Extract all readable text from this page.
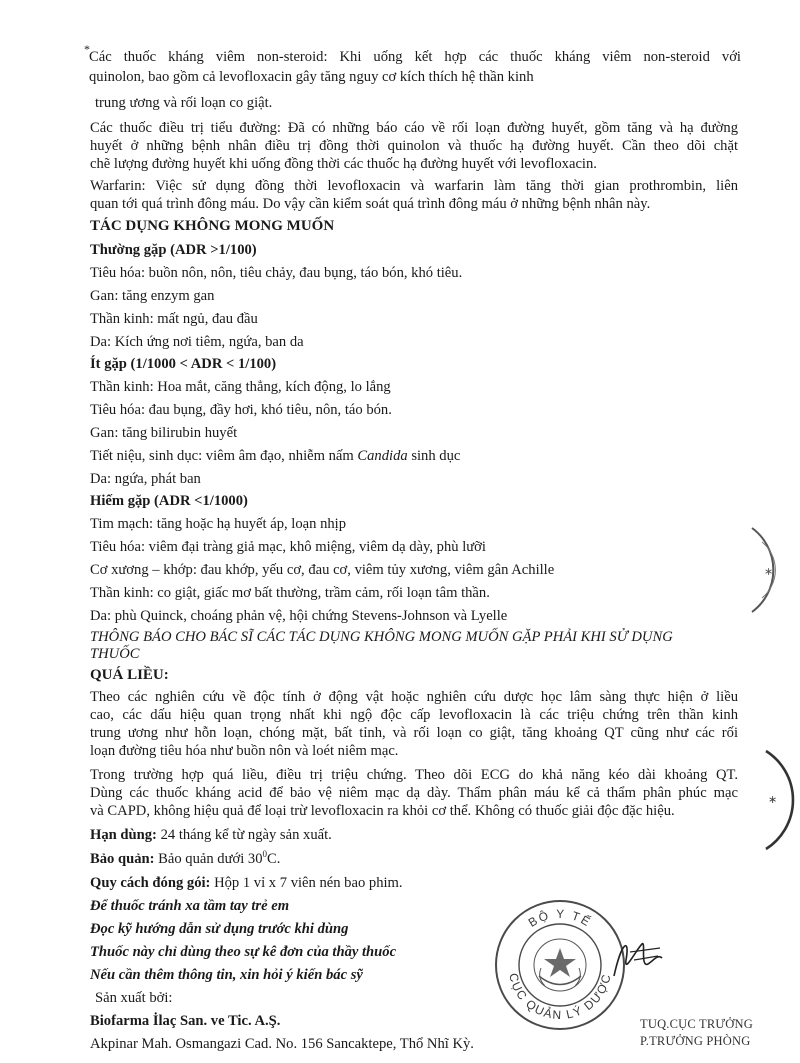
* Các thuốc kháng viêm non-steroid: Khi uống kết hợp các thuốc kháng viêm non-steroid với
quinolon, bao gồm cả levofloxacin gây tăng nguy cơ kích thích hệ thần kinh
trung ương và rối loạn co giật.
Các thuốc điều trị tiểu đường: Đã có những báo cáo về rối loạn đường huyết, gồm tăng và hạ đường
huyết ở những bệnh nhân điều trị đồng thời quinolon và thuốc hạ đường huyết. Cần theo dõi chặt
chẽ lượng đường huyết khi uống đồng thời các thuốc hạ đường huyết với levofloxacin.
Warfarin: Việc sử dụng đồng thời levofloxacin và warfarin làm tăng thời gian prothrombin, liên
quan tới quá trình đông máu. Do vậy cần kiểm soát quá trình đông máu ở những bệnh nhân này.
TÁC DỤNG KHÔNG MONG MUỐN
Thường gặp (ADR >1/100)
Tiêu hóa: buồn nôn, nôn, tiêu chảy, đau bụng, táo bón, khó tiêu.
Gan: tăng enzym gan
Thần kinh: mất ngủ, đau đầu
Da: Kích ứng nơi tiêm, ngứa, ban da
Ít gặp (1/1000 < ADR < 1/100)
Thần kinh: Hoa mắt, căng thẳng, kích động, lo lắng
Tiêu hóa: đau bụng, đầy hơi, khó tiêu, nôn, táo bón.
Gan: tăng bilirubin huyết
Tiết niệu, sinh dục: viêm âm đạo, nhiễm nấm Candida sinh dục
Da: ngứa, phát ban
Hiếm gặp (ADR <1/1000)
Tim mạch: tăng hoặc hạ huyết áp, loạn nhịp
Tiêu hóa: viêm đại tràng giả mạc, khô miệng, viêm dạ dày, phù lưỡi
Cơ xương – khớp: đau khớp, yếu cơ, đau cơ, viêm tủy xương, viêm gân Achille
Thần kinh: co giật, giấc mơ bất thường, trầm cảm, rối loạn tâm thần.
Da: phù Quinck, choáng phản vệ, hội chứng Stevens-Johnson và Lyelle
THÔNG BÁO CHO BÁC SĨ CÁC TÁC DỤNG KHÔNG MONG MUỐN GẶP PHẢI KHI SỬ DỤNG
THUỐC
QUÁ LIỀU:
Theo các nghiên cứu về độc tính ở động vật hoặc nghiên cứu dược học lâm sàng thực hiện ở liều
cao, các dấu hiệu quan trọng nhất khi ngộ độc cấp levofloxacin là các triệu chứng trên thần kinh
trung ương như hỗn loạn, chóng mặt, bất tỉnh, và rối loạn co giật, tăng khoảng QT cũng như các rối
loạn đường tiêu hóa như buồn nôn và loét niêm mạc.
Trong trường hợp quá liều, điều trị triệu chứng. Theo dõi ECG do khả năng kéo dài khoảng QT.
Dùng các thuốc kháng acid để bảo vệ niêm mạc dạ dày. Thẩm phân máu kể cả thẩm phân phúc mạc
và CAPD, không hiệu quả để loại trừ levofloxacin ra khỏi cơ thể. Không có thuốc giải độc đặc hiệu.
Hạn dùng: 24 tháng kể từ ngày sản xuất.
Bảo quản: Bảo quản dưới $30^0C$.
Quy cách đóng gói: Hộp 1 vỉ x 7 viên nén bao phim.
Để thuốc tránh xa tầm tay trẻ em
Đọc kỹ hướng dẫn sử dụng trước khi dùng
Thuốc này chỉ dùng theo sự kê đơn của thầy thuốc
Nếu cần thêm thông tin, xin hỏi ý kiến bác sỹ
Sản xuất bởi:
Biofarma İlaç San. ve Tic. A.Ş.
Akpinar Mah. Osmangazi Cad. No. 156 Sancaktepe, Thổ Nhĩ Kỳ.
BỘ Y TẾ
CỤC QUẢN LÝ DƯỢC
TUQ.CỤC TRƯỞNG
P.TRƯỞNG PHÒNG
∗
∗
